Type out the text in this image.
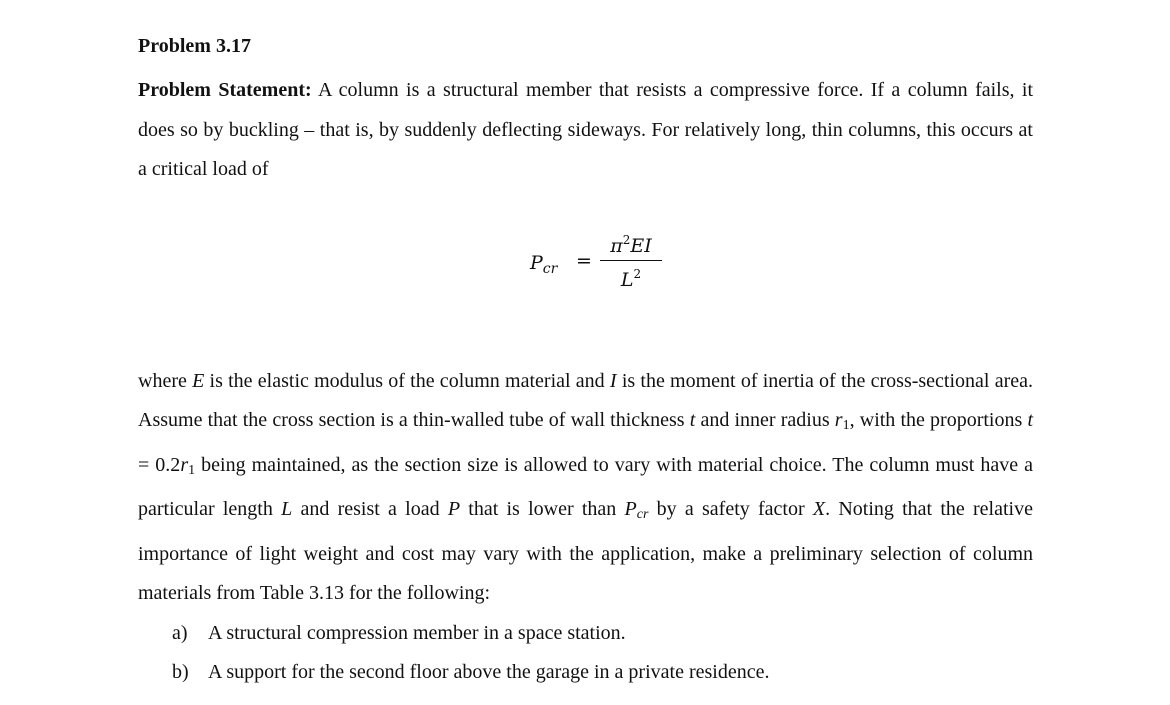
Problem 3.17

Problem Statement: A column is a structural member that resists a compressive force. If a column fails, it does so by buckling – that is, by suddenly deflecting sideways. For relatively long, thin columns, this occurs at a critical load of

$P_{cr}$ =
$\pi^2EI$
$L^2$

where E is the elastic modulus of the column material and I is the moment of inertia of the cross-sectional area. Assume that the cross section is a thin-walled tube of wall thickness t and inner radius $r_1$, with the proportions $t = 0.2r_1$ being maintained, as the section size is allowed to vary with material choice. The column must have a particular length L and resist a load P that is lower than $P_{cr}$ by a safety factor X. Noting that the relative importance of light weight and cost may vary with the application, make a preliminary selection of column materials from Table 3.13 for the following:

a) A structural compression member in a space station.
b) A support for the second floor above the garage in a private residence.
